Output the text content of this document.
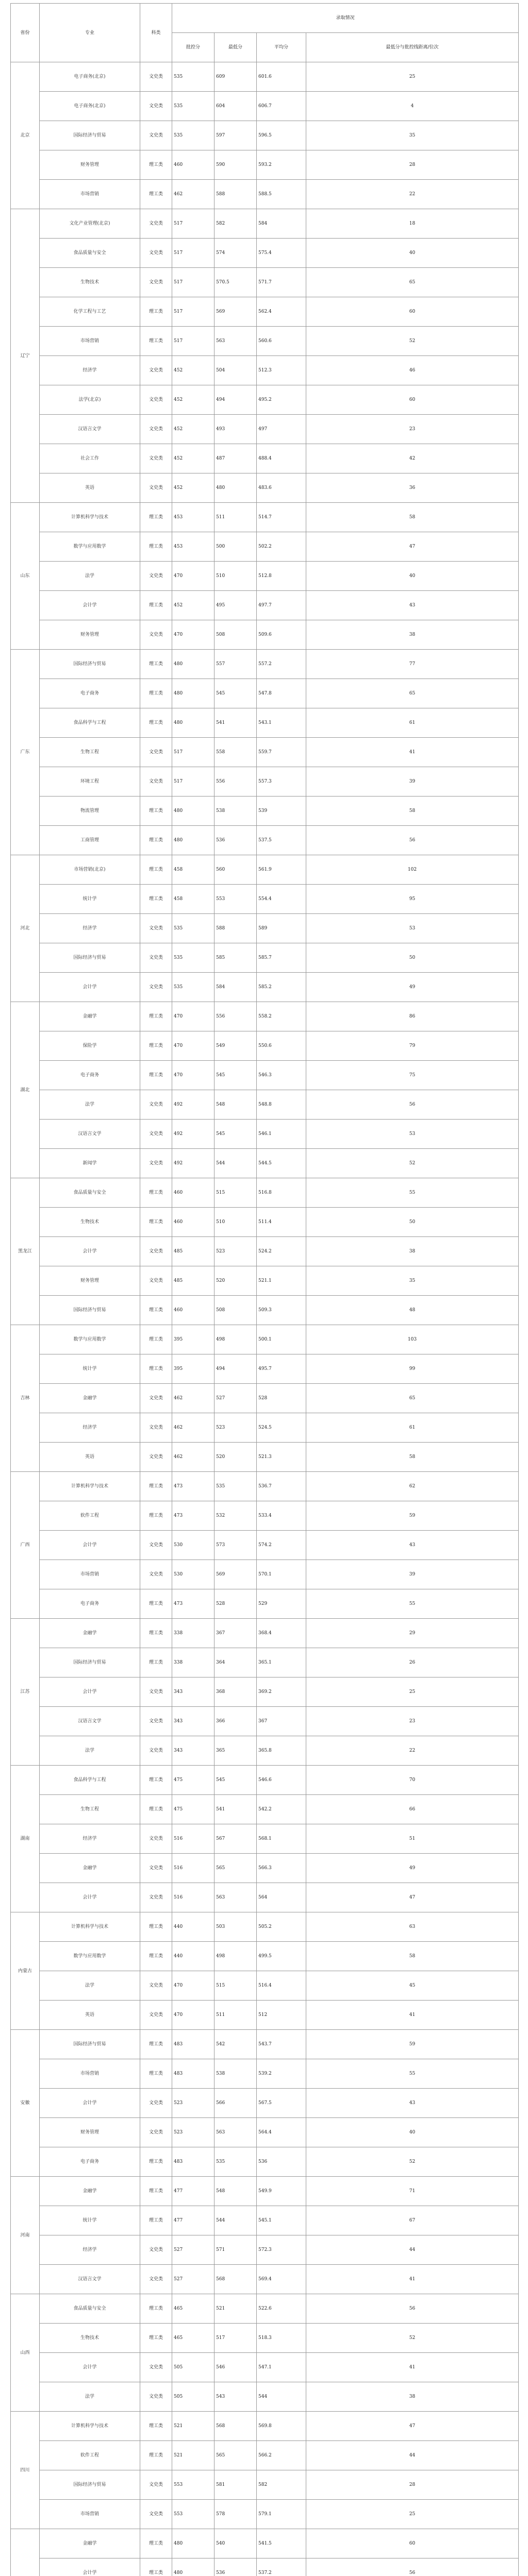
省份	专业	科类	录取情况			
			批控分	最低分	平均分	最低分与批控线距离/位次
北京	电子商务(北京)	文史类	535	609	601.6	25
	电子商务(北京)	文史类	535	604	606.7	4
	国际经济与贸易	文史类	535	597	596.5	35
	财务管理	理工类	460	590	593.2	28
	市场营销	理工类	462	588	588.5	22
辽宁	文化产业管理(北京)	文史类	517	582	584	18
	食品质量与安全	文史类	517	574	575.4	40
	生物技术	文史类	517	570.5	571.7	65
	化学工程与工艺	理工类	517	569	562.4	60
	市场营销	理工类	517	563	560.6	52
	经济学	文史类	452	504	512.3	46
	法学(北京)	文史类	452	494	495.2	60
	汉语言文学	文史类	452	493	497	23
	社会工作	文史类	452	487	488.4	42
	英语	文史类	452	480	483.6	36
山东	计算机科学与技术	理工类	453	511	514.7	58
	数学与应用数学	理工类	453	500	502.2	47
	法学	文史类	470	510	512.8	40
	会计学	理工类	452	495	497.7	43
	财务管理	文史类	470	508	509.6	38
广东	国际经济与贸易	理工类	480	557	557.2	77
	电子商务	理工类	480	545	547.8	65
	食品科学与工程	理工类	480	541	543.1	61
	生物工程	文史类	517	558	559.7	41
	环境工程	文史类	517	556	557.3	39
	物流管理	理工类	480	538	539	58
	工商管理	理工类	480	536	537.5	56
河北	市场营销(北京)	理工类	458	560	561.9	102
	统计学	理工类	458	553	554.4	95
	经济学	文史类	535	588	589	53
	国际经济与贸易	文史类	535	585	585.7	50
	会计学	文史类	535	584	585.2	49
湖北	金融学	理工类	470	556	558.2	86
	保险学	理工类	470	549	550.6	79
	电子商务	理工类	470	545	546.3	75
	法学	文史类	492	548	548.8	56
	汉语言文学	文史类	492	545	546.1	53
	新闻学	文史类	492	544	544.5	52
黑龙江	食品质量与安全	理工类	460	515	516.8	55
	生物技术	理工类	460	510	511.4	50
	会计学	文史类	485	523	524.2	38
	财务管理	文史类	485	520	521.1	35
	国际经济与贸易	理工类	460	508	509.3	48
吉林	数学与应用数学	理工类	395	498	500.1	103
	统计学	理工类	395	494	495.7	99
	金融学	文史类	462	527	528	65
	经济学	文史类	462	523	524.5	61
	英语	文史类	462	520	521.3	58
广西	计算机科学与技术	理工类	473	535	536.7	62
	软件工程	理工类	473	532	533.4	59
	会计学	文史类	530	573	574.2	43
	市场营销	文史类	530	569	570.1	39
	电子商务	理工类	473	528	529	55
江苏	金融学	理工类	338	367	368.4	29
	国际经济与贸易	理工类	338	364	365.1	26
	会计学	文史类	343	368	369.2	25
	汉语言文学	文史类	343	366	367	23
	法学	文史类	343	365	365.8	22
湖南	食品科学与工程	理工类	475	545	546.6	70
	生物工程	理工类	475	541	542.2	66
	经济学	文史类	516	567	568.1	51
	金融学	文史类	516	565	566.3	49
	会计学	文史类	516	563	564	47
内蒙古	计算机科学与技术	理工类	440	503	505.2	63
	数学与应用数学	理工类	440	498	499.5	58
	法学	文史类	470	515	516.4	45
	英语	文史类	470	511	512	41
安徽	国际经济与贸易	理工类	483	542	543.7	59
	市场营销	理工类	483	538	539.2	55
	会计学	文史类	523	566	567.5	43
	财务管理	文史类	523	563	564.4	40
	电子商务	理工类	483	535	536	52
河南	金融学	理工类	477	548	549.9	71
	统计学	理工类	477	544	545.1	67
	经济学	文史类	527	571	572.3	44
	汉语言文学	文史类	527	568	569.4	41
山西	食品质量与安全	理工类	465	521	522.6	56
	生物技术	理工类	465	517	518.3	52
	会计学	文史类	505	546	547.1	41
	法学	文史类	505	543	544	38
四川	计算机科学与技术	理工类	521	568	569.8	47
	软件工程	理工类	521	565	566.2	44
	国际经济与贸易	文史类	553	581	582	28
	市场营销	文史类	553	578	579.1	25
	金融学	理工类	480	540	541.5	60
	会计学	理工类	480	536	537.2	56
